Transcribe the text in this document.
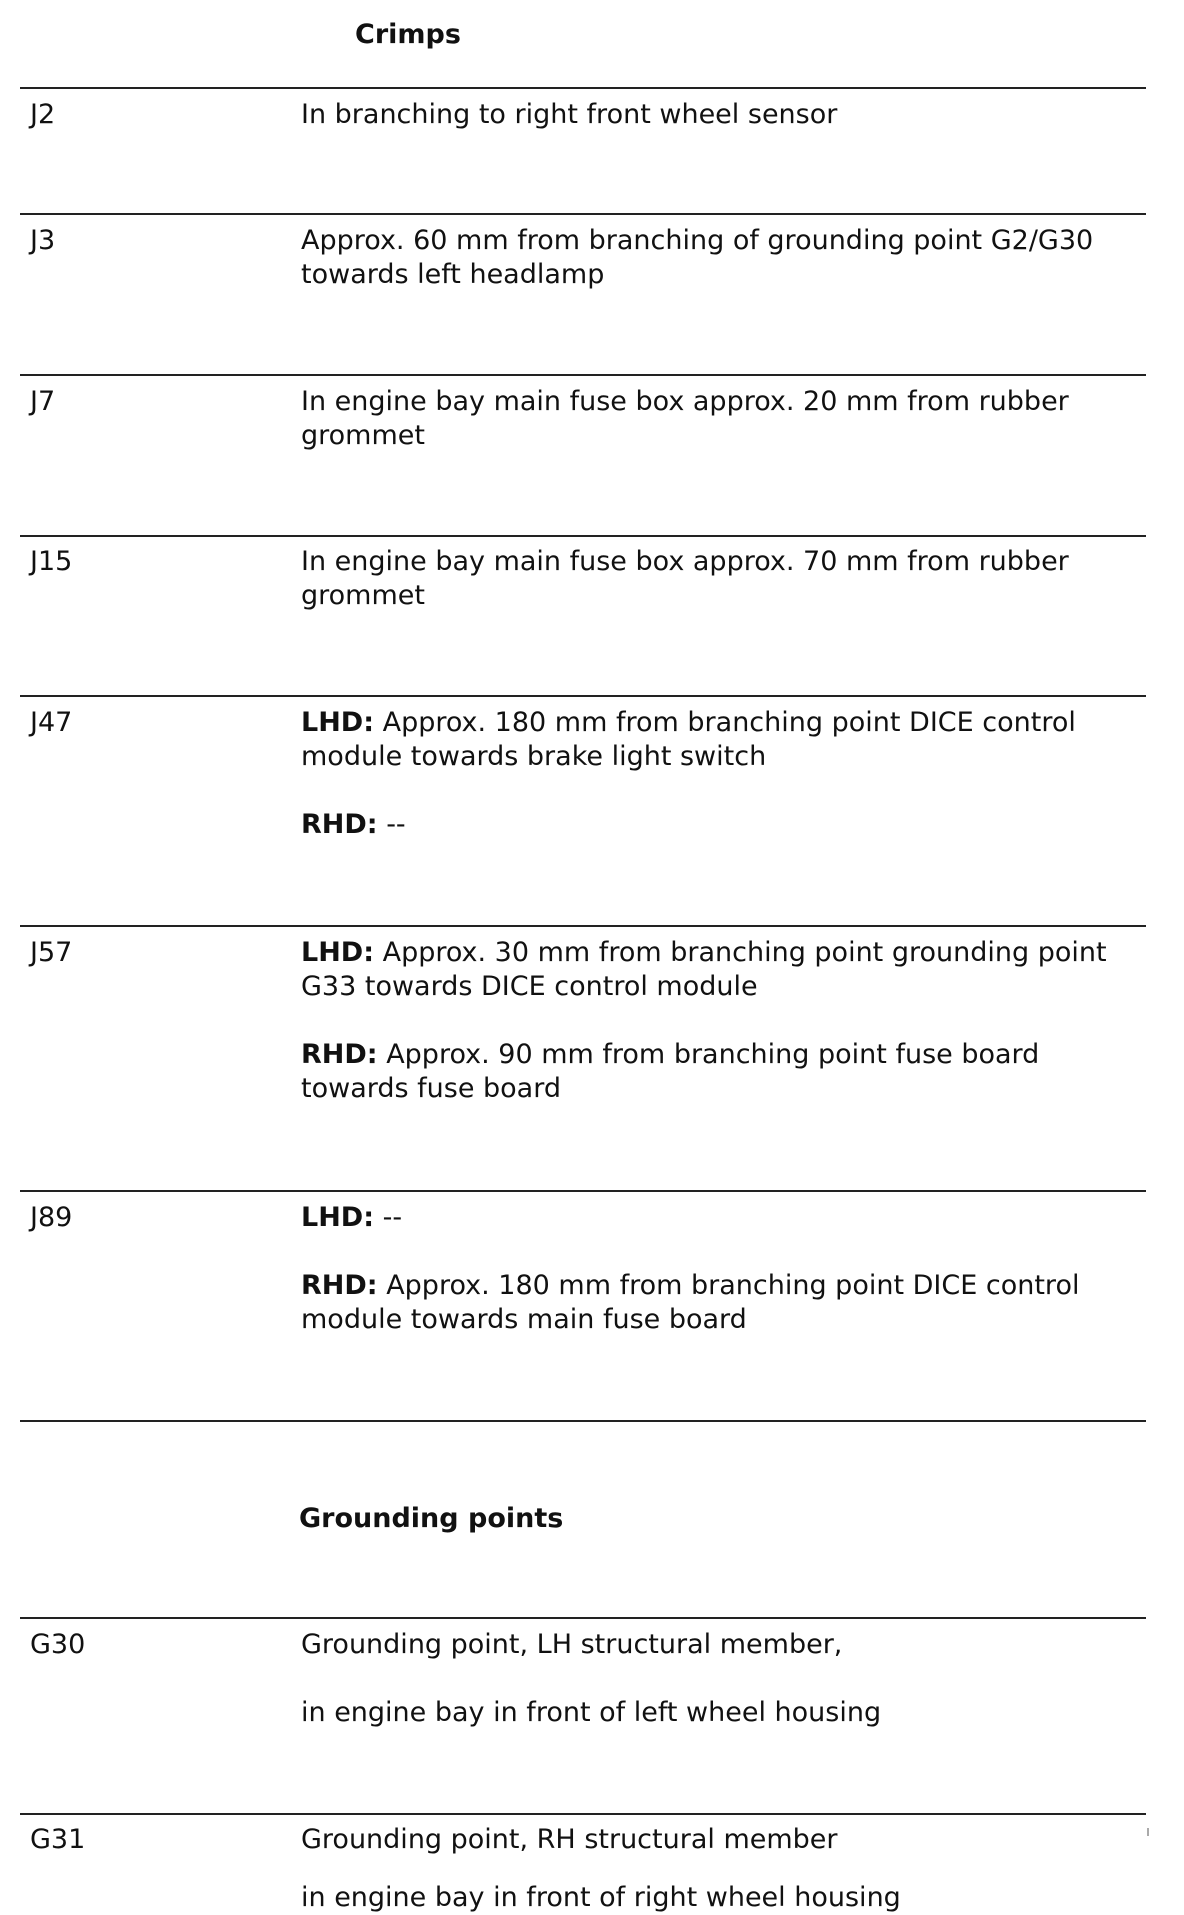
Crimps
Grounding points
J2	In branching to right front wheel sensor

J3	Approx. 60 mm from branching of grounding point G2/G30 towards left headlamp

J7	In engine bay main fuse box approx. 20 mm from rubber grommet

J15	In engine bay main fuse box approx. 70 mm from rubber grommet

J47	LHD: Approx. 180 mm from branching point DICE control module towards brake light switch

RHD: --

J57	LHD: Approx. 30 mm from branching point grounding point G33 towards DICE control module

RHD: Approx. 90 mm from branching point fuse board towards fuse board

J89	LHD: --

RHD: Approx. 180 mm from branching point DICE control module towards main fuse board

G30	Grounding point, LH structural member,

in engine bay in front of left wheel housing

G31	Grounding point, RH structural member

in engine bay in front of right wheel housing
